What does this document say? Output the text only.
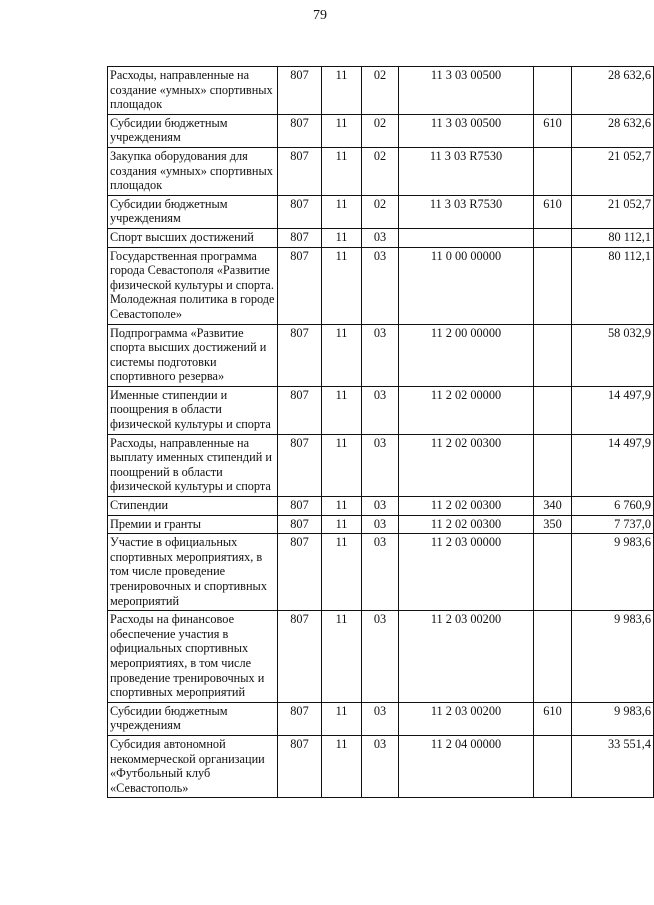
79
Расходы, направленные на создание «умных» спортивных площадок	807	11	02	11 3 03 00500		28 632,6
Субсидии бюджетным учреждениям	807	11	02	11 3 03 00500	610	28 632,6
Закупка оборудования для создания «умных» спортивных площадок	807	11	02	11 3 03 R7530		21 052,7
Субсидии бюджетным учреждениям	807	11	02	11 3 03 R7530	610	21 052,7
Спорт высших достижений	807	11	03			80 112,1
Государственная программа города Севастополя «Развитие физической культуры и спорта. Молодежная политика в городе Севастополе»	807	11	03	11 0 00 00000		80 112,1
Подпрограмма «Развитие спорта высших достижений и системы подготовки спортивного резерва»	807	11	03	11 2 00 00000		58 032,9
Именные стипендии и поощрения в области физической культуры и спорта	807	11	03	11 2 02 00000		14 497,9
Расходы, направленные на выплату именных стипендий и поощрений в области физической культуры и спорта	807	11	03	11 2 02 00300		14 497,9
Стипендии	807	11	03	11 2 02 00300	340	6 760,9
Премии и гранты	807	11	03	11 2 02 00300	350	7 737,0
Участие в официальных спортивных мероприятиях, в том числе проведение тренировочных и спортивных мероприятий	807	11	03	11 2 03 00000		9 983,6
Расходы на финансовое обеспечение участия в официальных спортивных мероприятиях, в том числе проведение тренировочных и спортивных мероприятий	807	11	03	11 2 03 00200		9 983,6
Субсидии бюджетным учреждениям	807	11	03	11 2 03 00200	610	9 983,6
Субсидия автономной некоммерческой организации «Футбольный клуб «Севастополь»	807	11	03	11 2 04 00000		33 551,4
